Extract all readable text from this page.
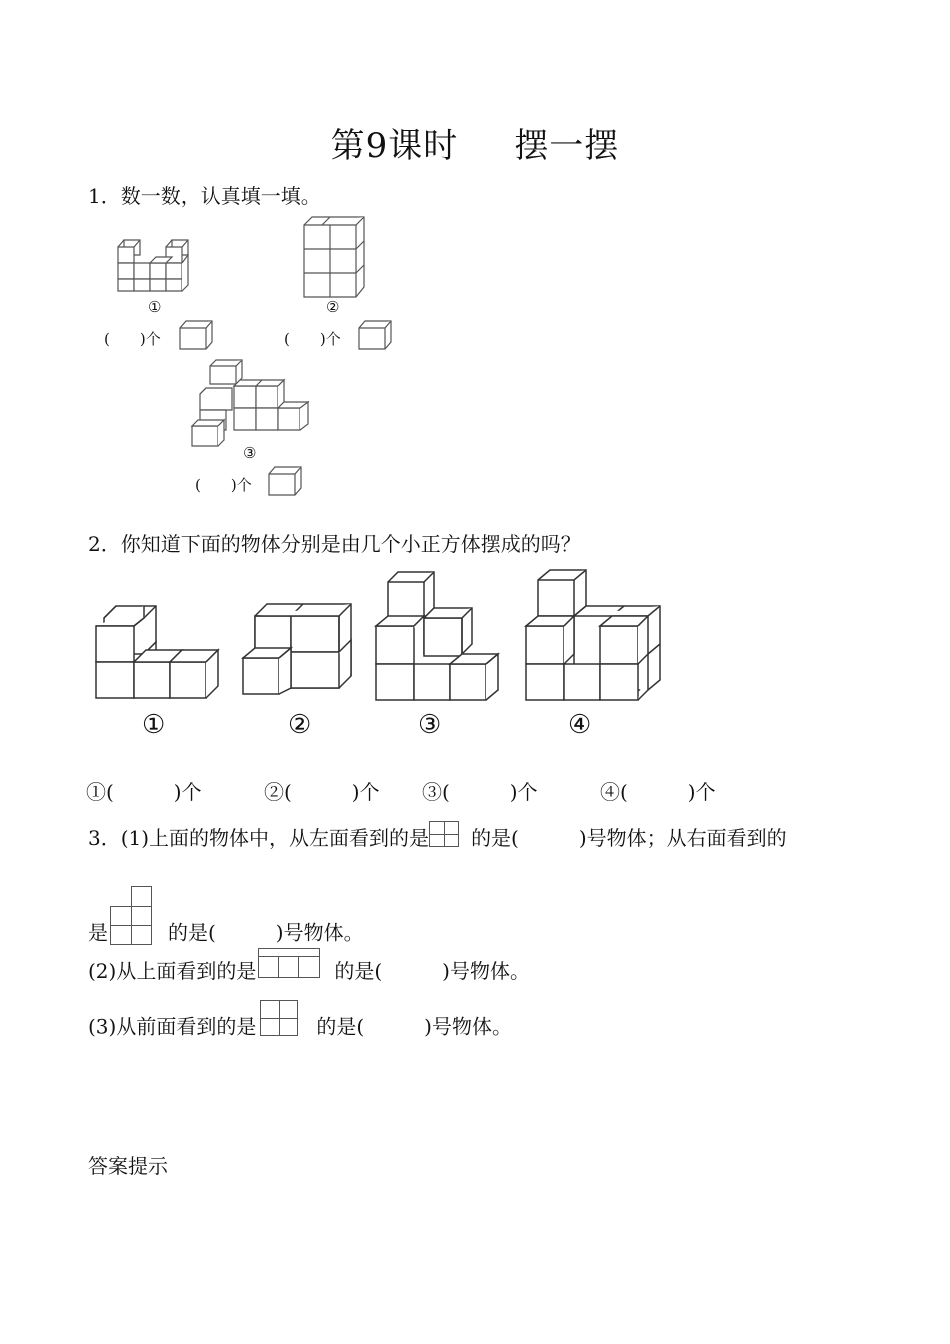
第9课时 摆一摆
1．数一数，认真填一填。
①
(　　)个
②
(　　)个
③
(　　)个
2．你知道下面的物体分别是由几个小正方体摆成的吗？
①	②	③	④
①(　　　)个	②(　　　)个 ③(　　　)个	④(　　　)个
3．(1)上面的物体中，从左面看到的是 的是(　　　)号物体；从右面看到的
是	的是(　　　)号物体。
(2)从上面看到的是	的是(　　　)号物体。
(3)从前面看到的是	的是(　　　)号物体。
答案提示
